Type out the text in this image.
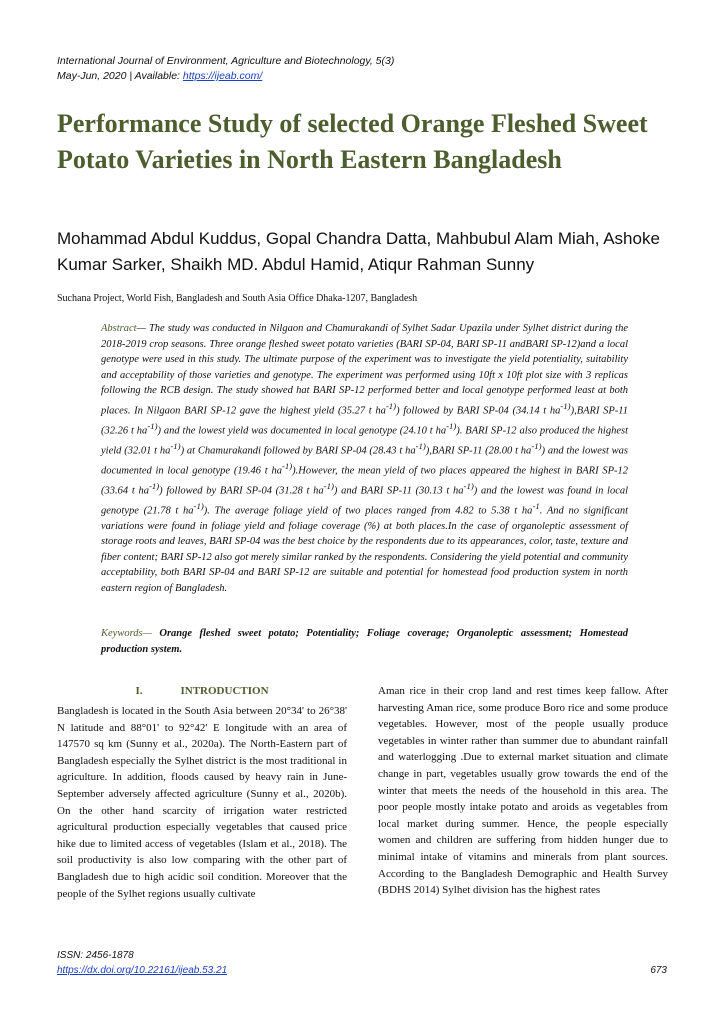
International Journal of Environment, Agriculture and Biotechnology, 5(3)
May-Jun, 2020 | Available: https://ijeab.com/
Performance Study of selected Orange Fleshed Sweet Potato Varieties in North Eastern Bangladesh
Mohammad Abdul Kuddus, Gopal Chandra Datta, Mahbubul Alam Miah, Ashoke Kumar Sarker, Shaikh MD. Abdul Hamid, Atiqur Rahman Sunny
Suchana Project, World Fish, Bangladesh and South Asia Office Dhaka-1207, Bangladesh

Abstract— The study was conducted in Nilgaon and Chamurakandi of Sylhet Sadar Upazila under Sylhet district during the 2018-2019 crop seasons. Three orange fleshed sweet potato varieties (BARI SP-04, BARI SP-11 andBARI SP-12)and a local genotype were used in this study. The ultimate purpose of the experiment was to investigate the yield potentiality, suitability and acceptability of those varieties and genotype. The experiment was performed using 10ft x 10ft plot size with 3 replicas following the RCB design. The study showed hat BARI SP-12 performed better and local genotype performed least at both places. In Nilgaon BARI SP-12 gave the highest yield (35.27 t $ha^{-1)}$) followed by BARI SP-04 (34.14 t $ha^{-1)}),BARI$ SP-11 (32.26 t $ha^{-1)}$) and the lowest yield was documented in local genotype (24.10 t $ha^{-1)}$). BARI SP-12 also produced the highest yield (32.01 t $ha^{-1)}$) at Chamurakandi followed by BARI SP-04 (28.43 t $ha^{-1)}),BARI$ SP-11 (28.00 t $ha^{-1)}$) and the lowest was documented in local genotype (19.46 t $ha^{-1)}).However$, the mean yield of two places appeared the highest in BARI SP-12 (33.64 t $ha^{-1)}$) followed by BARI SP-04 (31.28 t $ha^{-1)}$) and BARI SP-11 (30.13 t $ha^{-1)}$) and the lowest was found in local genotype (21.78 t $ha^{-1)}$). The average foliage yield of two places ranged from 4.82 to 5.38 t $ha^{-1}$. And no significant variations were found in foliage yield and foliage coverage (%) at both places.In the case of organoleptic assessment of storage roots and leaves, BARI SP-04 was the best choice by the respondents due to its appearances, color, taste, texture and fiber content; BARI SP-12 also got merely similar ranked by the respondents. Considering the yield potential and community acceptability, both BARI SP-04 and BARI SP-12 are suitable and potential for homestead food production system in north eastern region of Bangladesh.

Keywords— Orange fleshed sweet potato; Potentiality; Foliage coverage; Organoleptic assessment; Homestead production system.

I.	INTRODUCTION

Bangladesh is located in the South Asia between 20°34' to 26°38' N latitude and 88°01' to 92°42' E longitude with an area of 147570 sq km (Sunny et al., 2020a). The North-Eastern part of Bangladesh especially the Sylhet district is the most traditional in agriculture. In addition, floods caused by heavy rain in June- September adversely affected agriculture (Sunny et al., 2020b). On the other hand scarcity of irrigation water restricted agricultural production especially vegetables that caused price hike due to limited access of vegetables (Islam et al., 2018). The soil productivity is also low comparing with the other part of Bangladesh due to high acidic soil condition. Moreover that the people of the Sylhet regions usually cultivate

Aman rice in their crop land and rest times keep fallow. After harvesting Aman rice, some produce Boro rice and some produce vegetables. However, most of the people usually produce vegetables in winter rather than summer due to abundant rainfall and waterlogging .Due to external market situation and climate change in part, vegetables usually grow towards the end of the winter that meets the needs of the household in this area. The poor people mostly intake potato and aroids as vegetables from local market during summer. Hence, the people especially women and children are suffering from hidden hunger due to minimal intake of vitamins and minerals from plant sources. According to the Bangladesh Demographic and Health Survey (BDHS 2014) Sylhet division has the highest rates

ISSN: 2456-1878
https://dx.doi.org/10.22161/ijeab.53.21	673
